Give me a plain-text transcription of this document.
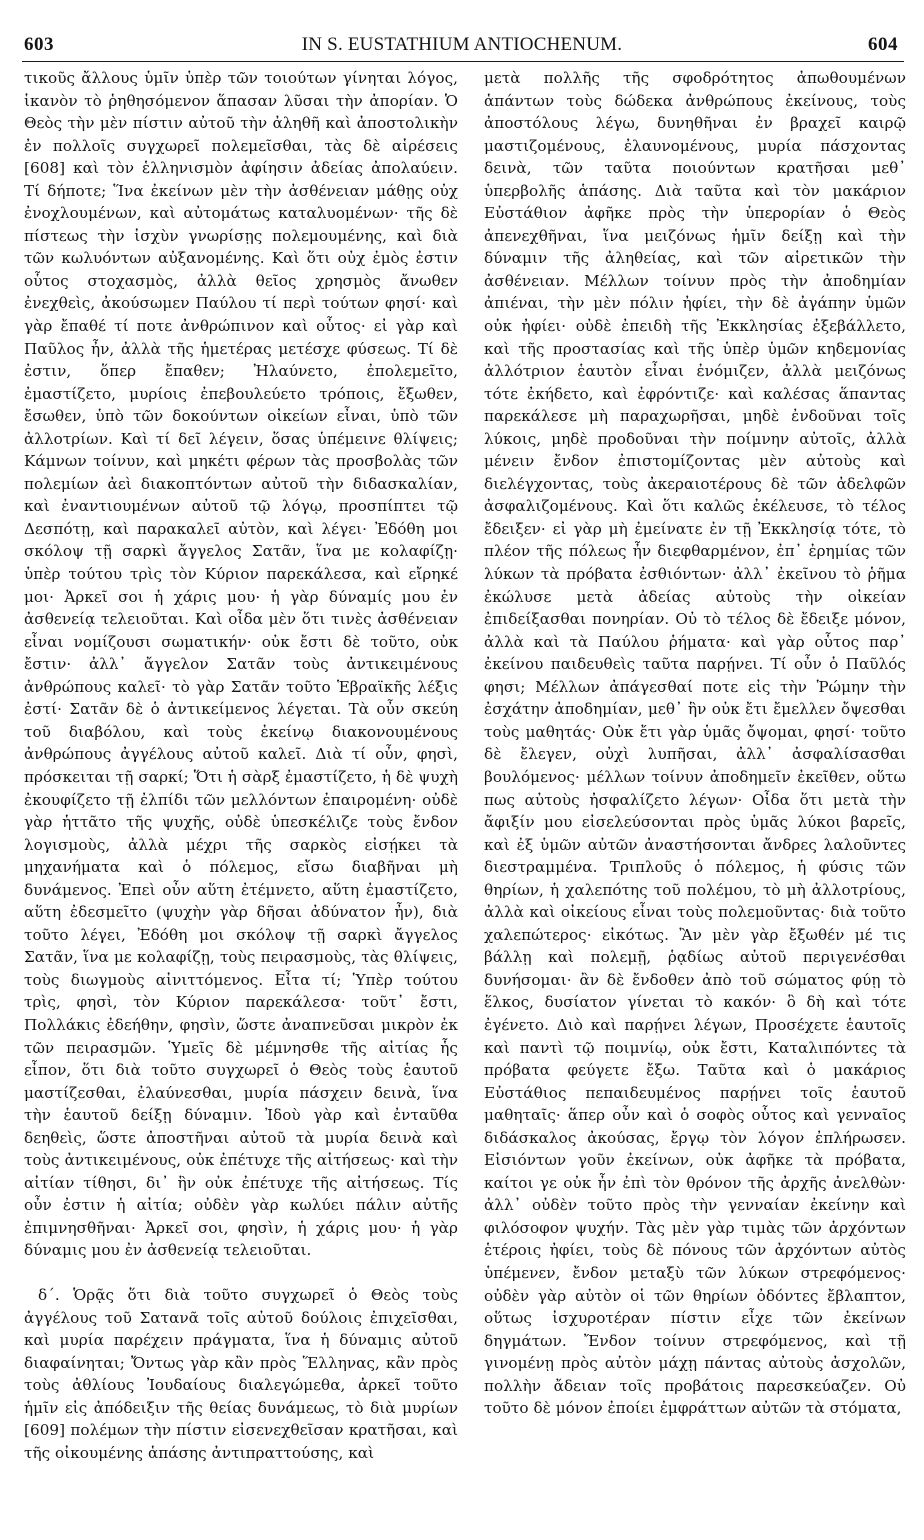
603	IN S. EUSTATHIUM ANTIOCHENUM.	604

τικοῦς ἄλλους ὑμῖν ὑπὲρ τῶν τοιούτων γίνηται λόγος, ἱκανὸν τὸ ῥηθησόμενον ἅπασαν λῦσαι τὴν ἀπορίαν. Ὁ Θεὸς τὴν μὲν πίστιν αὐτοῦ τὴν ἀληθῆ καὶ ἀποστολικὴν ἐν πολλοῖς συγχωρεῖ πολεμεῖσθαι, τὰς δὲ αἱρέσεις [608] καὶ τὸν ἑλληνισμὸν ἀφίησιν ἀδείας ἀπολαύειν. Τί δήποτε; Ἵνα ἐκείνων μὲν τὴν ἀσθένειαν μάθῃς οὐχ ἐνοχλουμένων, καὶ αὐτομάτως καταλυομένων· τῆς δὲ πίστεως τὴν ἰσχὺν γνωρίσῃς πολεμουμένης, καὶ διὰ τῶν κωλυόντων αὐξανομένης. Καὶ ὅτι οὐχ ἐμὸς ἐστιν οὗτος στοχασμὸς, ἀλλὰ θεῖος χρησμὸς ἄνωθεν ἐνεχθεὶς, ἀκούσωμεν Παύλου τί περὶ τούτων φησί· καὶ γὰρ ἔπαθέ τί ποτε ἀνθρώπινον καὶ οὗτος· εἰ γὰρ καὶ Παῦλος ἦν, ἀλλὰ τῆς ἡμετέρας μετέσχε φύσεως. Τί δὲ ἐστιν, ὅπερ ἔπαθεν; Ἠλαύνετο, ἐπολεμεῖτο, ἐμαστίζετο, μυρίοις ἐπεβουλεύετο τρόποις, ἔξωθεν, ἔσωθεν, ὑπὸ τῶν δοκούντων οἰκείων εἶναι, ὑπὸ τῶν ἀλλοτρίων. Καὶ τί δεῖ λέγειν, ὅσας ὑπέμεινε θλίψεις; Κάμνων τοίνυν, καὶ μηκέτι φέρων τὰς προσβολὰς τῶν πολεμίων ἀεὶ διακοπτόντων αὐτοῦ τὴν διδασκαλίαν, καὶ ἐναντιουμένων αὐτοῦ τῷ λόγῳ, προσπίπτει τῷ Δεσπότῃ, καὶ παρακαλεῖ αὐτὸν, καὶ λέγει· Ἐδόθη μοι σκόλοψ τῇ σαρκὶ ἄγγελος Σατᾶν, ἵνα με κολαφίζῃ· ὑπὲρ τούτου τρὶς τὸν Κύριον παρεκάλεσα, καὶ εἴρηκέ μοι· Ἀρκεῖ σοι ἡ χάρις μου· ἡ γὰρ δύναμίς μου ἐν ἀσθενείᾳ τελειοῦται. Καὶ οἶδα μὲν ὅτι τινὲς ἀσθένειαν εἶναι νομίζουσι σωματικήν· οὐκ ἔστι δὲ τοῦτο, οὐκ ἔστιν· ἀλλ᾽ ἄγγελον Σατᾶν τοὺς ἀντικειμένους ἀνθρώπους καλεῖ· τὸ γὰρ Σατᾶν τοῦτο Ἑβραϊκῆς λέξις ἐστί· Σατᾶν δὲ ὁ ἀντικείμενος λέγεται. Τὰ οὖν σκεύη τοῦ διαβόλου, καὶ τοὺς ἐκείνῳ διακονουμένους ἀνθρώπους ἀγγέλους αὐτοῦ καλεῖ. Διὰ τί οὖν, φησὶ, πρόσκειται τῇ σαρκί; Ὅτι ἡ σὰρξ ἐμαστίζετο, ἡ δὲ ψυχὴ ἐκουφίζετο τῇ ἐλπίδι τῶν μελλόντων ἐπαιρομένη· οὐδὲ γὰρ ἡττᾶτο τῆς ψυχῆς, οὐδὲ ὑπεσκέλιζε τοὺς ἔνδον λογισμοὺς, ἀλλὰ μέχρι τῆς σαρκὸς εἰσῄκει τὰ μηχανήματα καὶ ὁ πόλεμος, εἴσω διαβῆναι μὴ δυνάμενος. Ἐπεὶ οὖν αὕτη ἐτέμνετο, αὕτη ἐμαστίζετο, αὕτη ἐδεσμεῖτο (ψυχὴν γὰρ δῆσαι ἀδύνατον ἦν), διὰ τοῦτο λέγει, Ἐδόθη μοι σκόλοψ τῇ σαρκὶ ἄγγελος Σατᾶν, ἵνα με κολαφίζῃ, τοὺς πειρασμοὺς, τὰς θλίψεις, τοὺς διωγμοὺς αἰνιττόμενος. Εἶτα τί; Ὑπὲρ τούτου τρὶς, φησὶ, τὸν Κύριον παρεκάλεσα· τοῦτ᾽ ἔστι, Πολλάκις ἐδεήθην, φησὶν, ὥστε ἀναπνεῦσαι μικρὸν ἐκ τῶν πειρασμῶν. Ὑμεῖς δὲ μέμνησθε τῆς αἰτίας ἧς εἶπον, ὅτι διὰ τοῦτο συγχωρεῖ ὁ Θεὸς τοὺς ἑαυτοῦ μαστίζεσθαι, ἐλαύνεσθαι, μυρία πάσχειν δεινὰ, ἵνα τὴν ἑαυτοῦ δείξῃ δύναμιν. Ἰδοὺ γὰρ καὶ ἐνταῦθα δεηθεὶς, ὥστε ἀποστῆναι αὐτοῦ τὰ μυρία δεινὰ καὶ τοὺς ἀντικειμένους, οὐκ ἐπέτυχε τῆς αἰτήσεως· καὶ τὴν αἰτίαν τίθησι, δι᾽ ἣν οὐκ ἐπέτυχε τῆς αἰτήσεως. Τίς οὖν ἐστιν ἡ αἰτία; οὐδὲν γὰρ κωλύει πάλιν αὐτῆς ἐπιμνησθῆναι· Ἀρκεῖ σοι, φησὶν, ἡ χάρις μου· ἡ γὰρ δύναμις μου ἐν ἀσθενείᾳ τελειοῦται.

δ΄. Ὁρᾷς ὅτι διὰ τοῦτο συγχωρεῖ ὁ Θεὸς τοὺς ἀγγέλους τοῦ Σατανᾶ τοῖς αὐτοῦ δούλοις ἐπιχεῖσθαι, καὶ μυρία παρέχειν πράγματα, ἵνα ἡ δύναμις αὐτοῦ διαφαίνηται; Ὄντως γὰρ κἂν πρὸς Ἕλληνας, κἂν πρὸς τοὺς ἀθλίους Ἰουδαίους διαλεγώμεθα, ἀρκεῖ τοῦτο ἡμῖν εἰς ἀπόδειξιν τῆς θείας δυνάμεως, τὸ διὰ μυρίων [609] πολέμων τὴν πίστιν εἰσενεχθεῖσαν κρατῆσαι, καὶ τῆς οἰκουμένης ἁπάσης ἀντιπραττούσης, καὶ

μετὰ πολλῆς τῆς σφοδρότητος ἀπωθουμένων ἁπάντων τοὺς δώδεκα ἀνθρώπους ἐκείνους, τοὺς ἀποστόλους λέγω, δυνηθῆναι ἐν βραχεῖ καιρῷ μαστιζομένους, ἐλαυνομένους, μυρία πάσχοντας δεινὰ, τῶν ταῦτα ποιούντων κρατῆσαι μεθ᾽ ὑπερβολῆς ἁπάσης. Διὰ ταῦτα καὶ τὸν μακάριον Εὐστάθιον ἀφῆκε πρὸς τὴν ὑπερορίαν ὁ Θεὸς ἀπενεχθῆναι, ἵνα μειζόνως ἡμῖν δείξῃ καὶ τὴν δύναμιν τῆς ἀληθείας, καὶ τῶν αἱρετικῶν τὴν ἀσθένειαν. Μέλλων τοίνυν πρὸς τὴν ἀποδημίαν ἀπιέναι, τὴν μὲν πόλιν ἠφίει, τὴν δὲ ἀγάπην ὑμῶν οὐκ ἠφίει· οὐδὲ ἐπειδὴ τῆς Ἐκκλησίας ἐξεβάλλετο, καὶ τῆς προστασίας καὶ τῆς ὑπὲρ ὑμῶν κηδεμονίας ἀλλότριον ἑαυτὸν εἶναι ἐνόμιζεν, ἀλλὰ μειζόνως τότε ἐκήδετο, καὶ ἐφρόντιζε· καὶ καλέσας ἅπαντας παρεκάλεσε μὴ παραχωρῆσαι, μηδὲ ἐνδοῦναι τοῖς λύκοις, μηδὲ προδοῦναι τὴν ποίμνην αὐτοῖς, ἀλλὰ μένειν ἔνδον ἐπιστομίζοντας μὲν αὐτοὺς καὶ διελέγχοντας, τοὺς ἀκεραιοτέρους δὲ τῶν ἀδελφῶν ἀσφαλιζομένους. Καὶ ὅτι καλῶς ἐκέλευσε, τὸ τέλος ἔδειξεν· εἰ γὰρ μὴ ἐμείνατε ἐν τῇ Ἐκκλησίᾳ τότε, τὸ πλέον τῆς πόλεως ἦν διεφθαρμένον, ἐπ᾽ ἐρημίας τῶν λύκων τὰ πρόβατα ἐσθιόντων· ἀλλ᾽ ἐκεῖνου τὸ ῥῆμα ἐκώλυσε μετὰ ἀδείας αὐτοὺς τὴν οἰκείαν ἐπιδείξασθαι πονηρίαν. Οὐ τὸ τέλος δὲ ἔδειξε μόνον, ἀλλὰ καὶ τὰ Παύλου ῥήματα· καὶ γὰρ οὗτος παρ᾽ ἐκείνου παιδευθεὶς ταῦτα παρῄνει. Τί οὖν ὁ Παῦλός φησι; Μέλλων ἀπάγεσθαί ποτε εἰς τὴν Ῥώμην τὴν ἐσχάτην ἀποδημίαν, μεθ᾽ ἣν οὐκ ἔτι ἔμελλεν ὄψεσθαι τοὺς μαθητάς· Οὐκ ἔτι γὰρ ὑμᾶς ὄψομαι, φησί· τοῦτο δὲ ἔλεγεν, οὐχὶ λυπῆσαι, ἀλλ᾽ ἀσφαλίσασθαι βουλόμενος· μέλλων τοίνυν ἀποδημεῖν ἐκεῖθεν, οὕτω πως αὐτοὺς ἠσφαλίζετο λέγων· Οἶδα ὅτι μετὰ τὴν ἄφιξίν μου εἰσελεύσονται πρὸς ὑμᾶς λύκοι βαρεῖς, καὶ ἐξ ὑμῶν αὐτῶν ἀναστήσονται ἄνδρες λαλοῦντες διεστραμμένα. Τριπλοῦς ὁ πόλεμος, ἡ φύσις τῶν θηρίων, ἡ χαλεπότης τοῦ πολέμου, τὸ μὴ ἀλλοτρίους, ἀλλὰ καὶ οἰκείους εἶναι τοὺς πολεμοῦντας· διὰ τοῦτο χαλεπώτερος· εἰκότως. Ἂν μὲν γὰρ ἔξωθέν μέ τις βάλλῃ καὶ πολεμῇ, ῥᾳδίως αὐτοῦ περιγενέσθαι δυνήσομαι· ἂν δὲ ἔνδοθεν ἀπὸ τοῦ σώματος φύῃ τὸ ἕλκος, δυσίατον γίνεται τὸ κακόν· ὃ δὴ καὶ τότε ἐγένετο. Διὸ καὶ παρῄνει λέγων, Προσέχετε ἑαυτοῖς καὶ παντὶ τῷ ποιμνίῳ, οὐκ ἔστι, Καταλιπόντες τὰ πρόβατα φεύγετε ἔξω. Ταῦτα καὶ ὁ μακάριος Εὐστάθιος πεπαιδευμένος παρῄνει τοῖς ἑαυτοῦ μαθηταῖς· ἅπερ οὖν καὶ ὁ σοφὸς οὗτος καὶ γενναῖος διδάσκαλος ἀκούσας, ἔργῳ τὸν λόγον ἐπλήρωσεν. Εἰσιόντων γοῦν ἐκείνων, οὐκ ἀφῆκε τὰ πρόβατα, καίτοι γε οὐκ ἦν ἐπὶ τὸν θρόνον τῆς ἀρχῆς ἀνελθὼν· ἀλλ᾽ οὐδὲν τοῦτο πρὸς τὴν γενναίαν ἐκείνην καὶ φιλόσοφον ψυχήν. Τὰς μὲν γὰρ τιμὰς τῶν ἀρχόντων ἑτέροις ἠφίει, τοὺς δὲ πόνους τῶν ἀρχόντων αὐτὸς ὑπέμενεν, ἔνδον μεταξὺ τῶν λύκων στρεφόμενος· οὐδὲν γὰρ αὐτὸν οἱ τῶν θηρίων ὀδόντες ἔβλαπτον, οὕτως ἰσχυροτέραν πίστιν εἶχε τῶν ἐκείνων δηγμάτων. Ἔνδον τοίνυν στρεφόμενος, καὶ τῇ γινομένῃ πρὸς αὐτὸν μάχῃ πάντας αὐτοὺς ἀσχολῶν, πολλὴν ἄδειαν τοῖς προβάτοις παρεσκεύαζεν. Οὐ τοῦτο δὲ μόνον ἐποίει ἐμφράττων αὐτῶν τὰ στόματα,
